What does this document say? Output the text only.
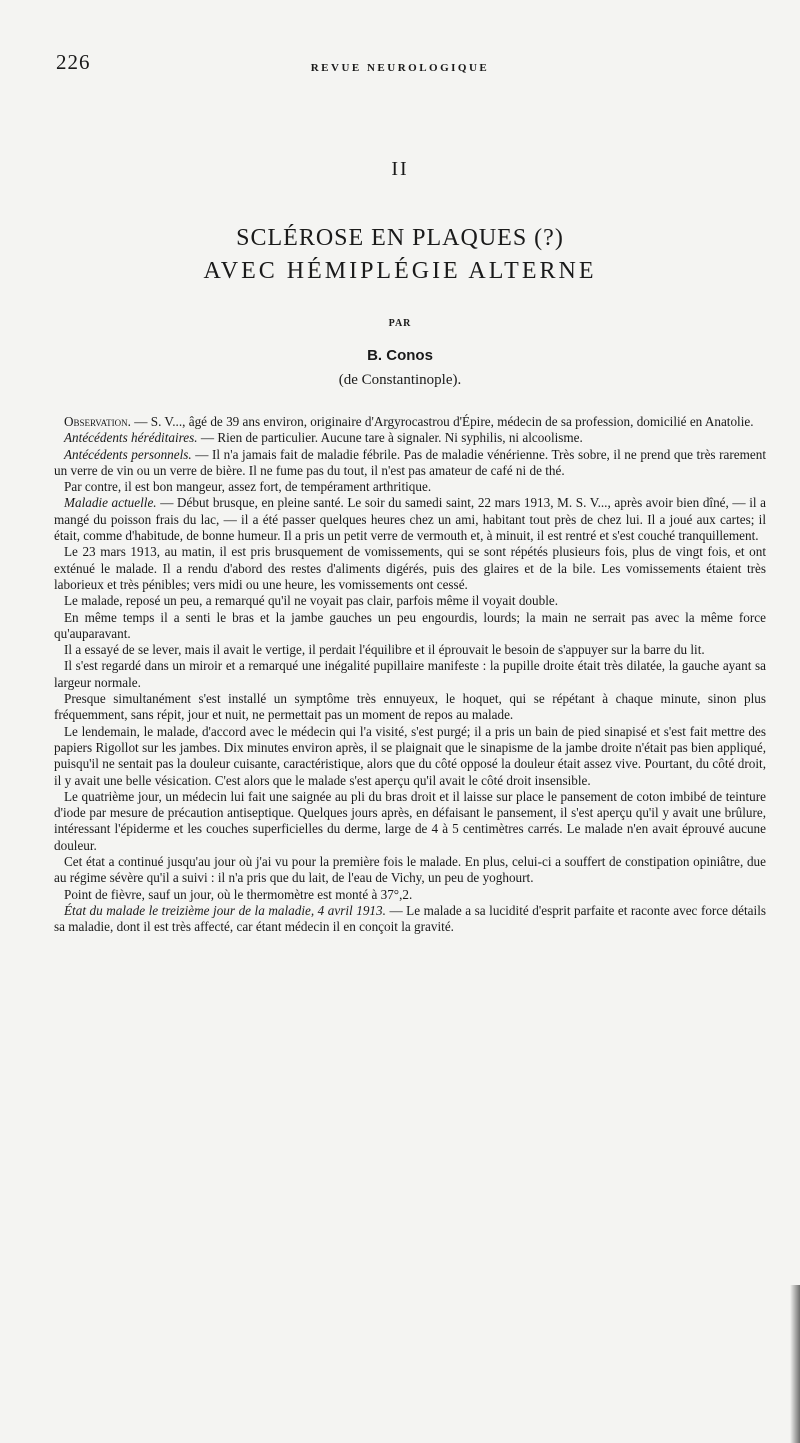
226	REVUE NEUROLOGIQUE
II
SCLÉROSE EN PLAQUES (?)
AVEC HÉMIPLÉGIE ALTERNE
PAR
B. Conos
(de Constantinople).

Observation. — S. V..., âgé de 39 ans environ, originaire d'Argyrocastrou d'Épire, médecin de sa profession, domicilié en Anatolie.

Antécédents héréditaires. — Rien de particulier. Aucune tare à signaler. Ni syphilis, ni alcoolisme.

Antécédents personnels. — Il n'a jamais fait de maladie fébrile. Pas de maladie vénérienne. Très sobre, il ne prend que très rarement un verre de vin ou un verre de bière. Il ne fume pas du tout, il n'est pas amateur de café ni de thé.

Par contre, il est bon mangeur, assez fort, de tempérament arthritique.

Maladie actuelle. — Début brusque, en pleine santé. Le soir du samedi saint, 22 mars 1913, M. S. V..., après avoir bien dîné, — il a mangé du poisson frais du lac, — il a été passer quelques heures chez un ami, habitant tout près de chez lui. Il a joué aux cartes; il était, comme d'habitude, de bonne humeur. Il a pris un petit verre de vermouth et, à minuit, il est rentré et s'est couché tranquillement.

Le 23 mars 1913, au matin, il est pris brusquement de vomissements, qui se sont répétés plusieurs fois, plus de vingt fois, et ont exténué le malade. Il a rendu d'abord des restes d'aliments digérés, puis des glaires et de la bile. Les vomissements étaient très laborieux et très pénibles; vers midi ou une heure, les vomissements ont cessé.

Le malade, reposé un peu, a remarqué qu'il ne voyait pas clair, parfois même il voyait double.

En même temps il a senti le bras et la jambe gauches un peu engourdis, lourds; la main ne serrait pas avec la même force qu'auparavant.

Il a essayé de se lever, mais il avait le vertige, il perdait l'équilibre et il éprouvait le besoin de s'appuyer sur la barre du lit.

Il s'est regardé dans un miroir et a remarqué une inégalité pupillaire manifeste : la pupille droite était très dilatée, la gauche ayant sa largeur normale.

Presque simultanément s'est installé un symptôme très ennuyeux, le hoquet, qui se répétant à chaque minute, sinon plus fréquemment, sans répit, jour et nuit, ne permettait pas un moment de repos au malade.

Le lendemain, le malade, d'accord avec le médecin qui l'a visité, s'est purgé; il a pris un bain de pied sinapisé et s'est fait mettre des papiers Rigollot sur les jambes. Dix minutes environ après, il se plaignait que le sinapisme de la jambe droite n'était pas bien appliqué, puisqu'il ne sentait pas la douleur cuisante, caractéristique, alors que du côté opposé la douleur était assez vive. Pourtant, du côté droit, il y avait une belle vésication. C'est alors que le malade s'est aperçu qu'il avait le côté droit insensible.

Le quatrième jour, un médecin lui fait une saignée au pli du bras droit et il laisse sur place le pansement de coton imbibé de teinture d'iode par mesure de précaution antiseptique. Quelques jours après, en défaisant le pansement, il s'est aperçu qu'il y avait une brûlure, intéressant l'épiderme et les couches superficielles du derme, large de 4 à 5 centimètres carrés. Le malade n'en avait éprouvé aucune douleur.

Cet état a continué jusqu'au jour où j'ai vu pour la première fois le malade. En plus, celui-ci a souffert de constipation opiniâtre, due au régime sévère qu'il a suivi : il n'a pris que du lait, de l'eau de Vichy, un peu de yoghourt.

Point de fièvre, sauf un jour, où le thermomètre est monté à 37°,2.

État du malade le treizième jour de la maladie, 4 avril 1913. — Le malade a sa lucidité d'esprit parfaite et raconte avec force détails sa maladie, dont il est très affecté, car étant médecin il en conçoit la gravité.
